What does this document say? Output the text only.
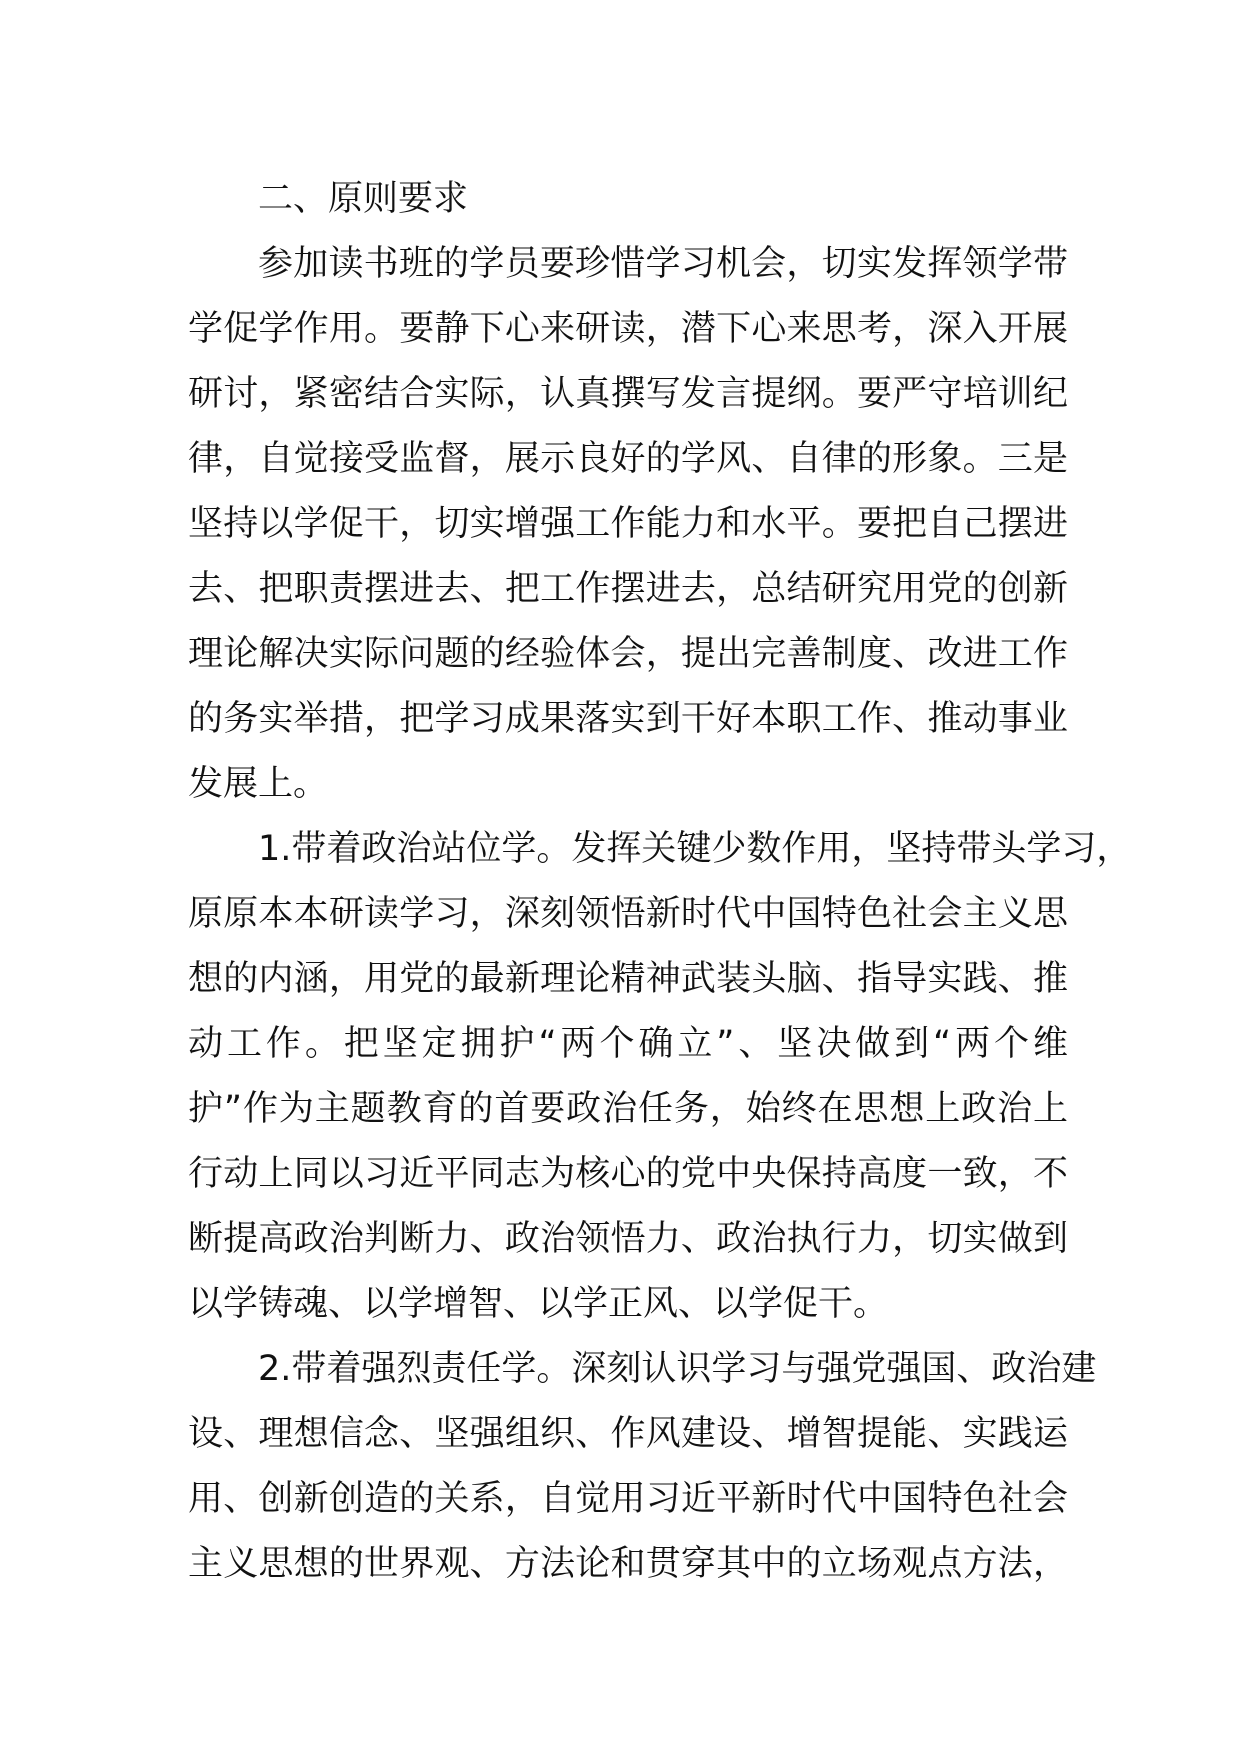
二、原则要求
参加读书班的学员要珍惜学习机会，切实发挥领学带
学促学作用。要静下心来研读，潜下心来思考，深入开展
研讨，紧密结合实际，认真撰写发言提纲。要严守培训纪
律，自觉接受监督，展示良好的学风、自律的形象。三是
坚持以学促干，切实增强工作能力和水平。要把自己摆进
去、把职责摆进去、把工作摆进去，总结研究用党的创新
理论解决实际问题的经验体会，提出完善制度、改进工作
的务实举措，把学习成果落实到干好本职工作、推动事业
发展上。
1.带着政治站位学。发挥关键少数作用，坚持带头学习，
原原本本研读学习，深刻领悟新时代中国特色社会主义思
想的内涵，用党的最新理论精神武装头脑、指导实践、推
动工作。把坚定拥护“两个确立”、坚决做到“两个维
护”作为主题教育的首要政治任务，始终在思想上政治上
行动上同以习近平同志为核心的党中央保持高度一致，不
断提高政治判断力、政治领悟力、政治执行力，切实做到
以学铸魂、以学增智、以学正风、以学促干。
2.带着强烈责任学。深刻认识学习与强党强国、政治建
设、理想信念、坚强组织、作风建设、增智提能、实践运
用、创新创造的关系，自觉用习近平新时代中国特色社会
主义思想的世界观、方法论和贯穿其中的立场观点方法，
